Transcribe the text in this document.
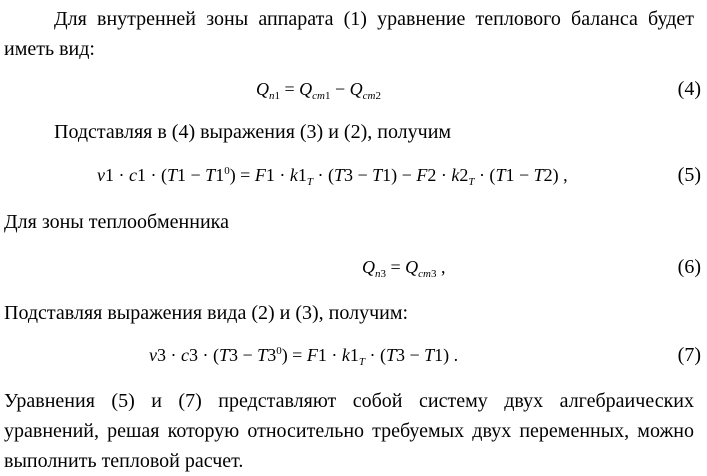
Для внутренней зоны аппарата (1) уравнение теплового баланса будет иметь вид:

$Q_{n1} = Q_{cm1} - Q_{cm2}$	(4)

Подставляя в (4) выражения (3) и (2), получим

$v1 \cdot c1 \cdot (T1 - T1^0) = F1 \cdot k1_T \cdot (T3 - T1) - F2 \cdot k2_T \cdot (T1 - T2)$ ,	(5)

Для зоны теплообменника

$Q_{n3} = Q_{cm3}$ ,	(6)

Подставляя выражения вида (2) и (3), получим:

$v3 \cdot c3 \cdot (T3 - T3^0) = F1 \cdot k1_T \cdot (T3 - T1)$ .	(7)

Уравнения (5) и (7) представляют собой систему двух алгебраических уравнений, решая которую относительно требуемых двух переменных, можно выполнить тепловой расчет.
